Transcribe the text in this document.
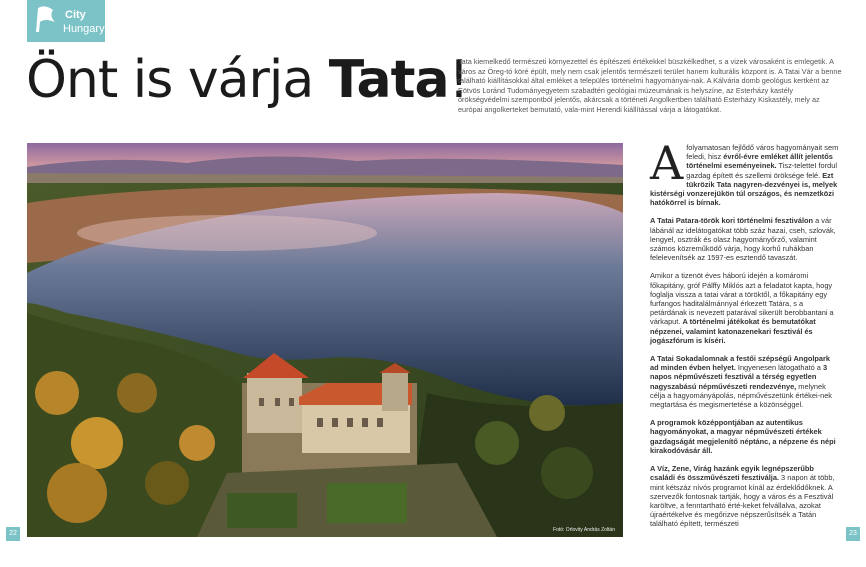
City
Hungary
Önt is várja Tata!
Tata kiemelkedő természeti környezettel és építészeti értékekkel büszkélkedhet, s a vizek városaként is emlegetik. A város az Öreg-tó köré épült, mely nem csak jelentős természeti terület hanem kulturális központ is. A Tatai Vár a benne található kiállításokkal által emléket a település történelmi hagyományai-nak. A Kálvária domb geológus kertként az Eötvös Loránd Tudományegyetem szabadtéri geológiai múzeumának is helyszíne, az Esterházy kastély örökségvédelmi szempontból jelentős, akárcsak a történeti Angolkertben található Esterházy Kiskastély, mely az európai angolkerteket bemutató, vala-mint Herendi kiállítással várja a látogatókat.
Fotó: Orlovity András Zoltán

Afolyamatosan fejlődő város hagyományait sem feledi, hisz évről-évre emléket állít jelentős történelmi eseményeinek. Tisz-teletteI fordul gazdag épített és szellemi öröksége felé. Ezt tükrözik Tata nagyren-dezvényei is, melyek kistérségi vonzerejükön túl országos, és nemzetközi hatókörrel is bírnak.

A Tatai Patara-török kori történelmi fesztiválon a vár lábánál az idelátogatókat több száz hazai, cseh, szlovák, lengyel, osztrák és olasz hagyományőrző, valamint számos közreműködő várja, hogy korhű ruhákban felelevenítsék az 1597-es esztendő tavaszát.

Amikor a tizenöt éves háború idején a komáromi főkapitány, gróf Pálffy Miklós azt a feladatot kapta, hogy foglalja vissza a tatai várat a töröktől, a főkapitány egy furfangos haditalálmánnyal érkezett Tatára, s a petárdának is nevezett patarával sikerült berobbantani a várkaput. A történelmi játékokat és bemutatókat népzenei, valamint katonazenekari fesztivál és jogászfórum is kíséri.

A Tatai Sokadalomnak a festői szépségű Angolpark ad minden évben helyet. Ingyenesen látogatható a 3 napos népművészeti fesztivál a térség egyetlen nagyszabású népművészeti rendezvénye, melynek célja a hagyományápolás, népművészetünk értékei-nek megtartása és megismertetése a közönséggel.

A programok középpontjában az autentikus hagyományokat, a magyar népművészeti értékek gazdagságát megjelenítő néptánc, a népzene és népi kirakodóvásár áll.

A Víz, Zene, Virág hazánk egyik legnépszerűbb családi és összművészeti fesztiválja. 3 napon át több, mint kétszáz nívós programot kínál az érdeklődőknek. A szervezők fontosnak tartják, hogy a város és a Fesztivál karöltve, a fenntartható érté-keket felvállalva, azokat újraértékelve és megőrizve népszerűsítsék a Tatán található épített, természeti

22	23
